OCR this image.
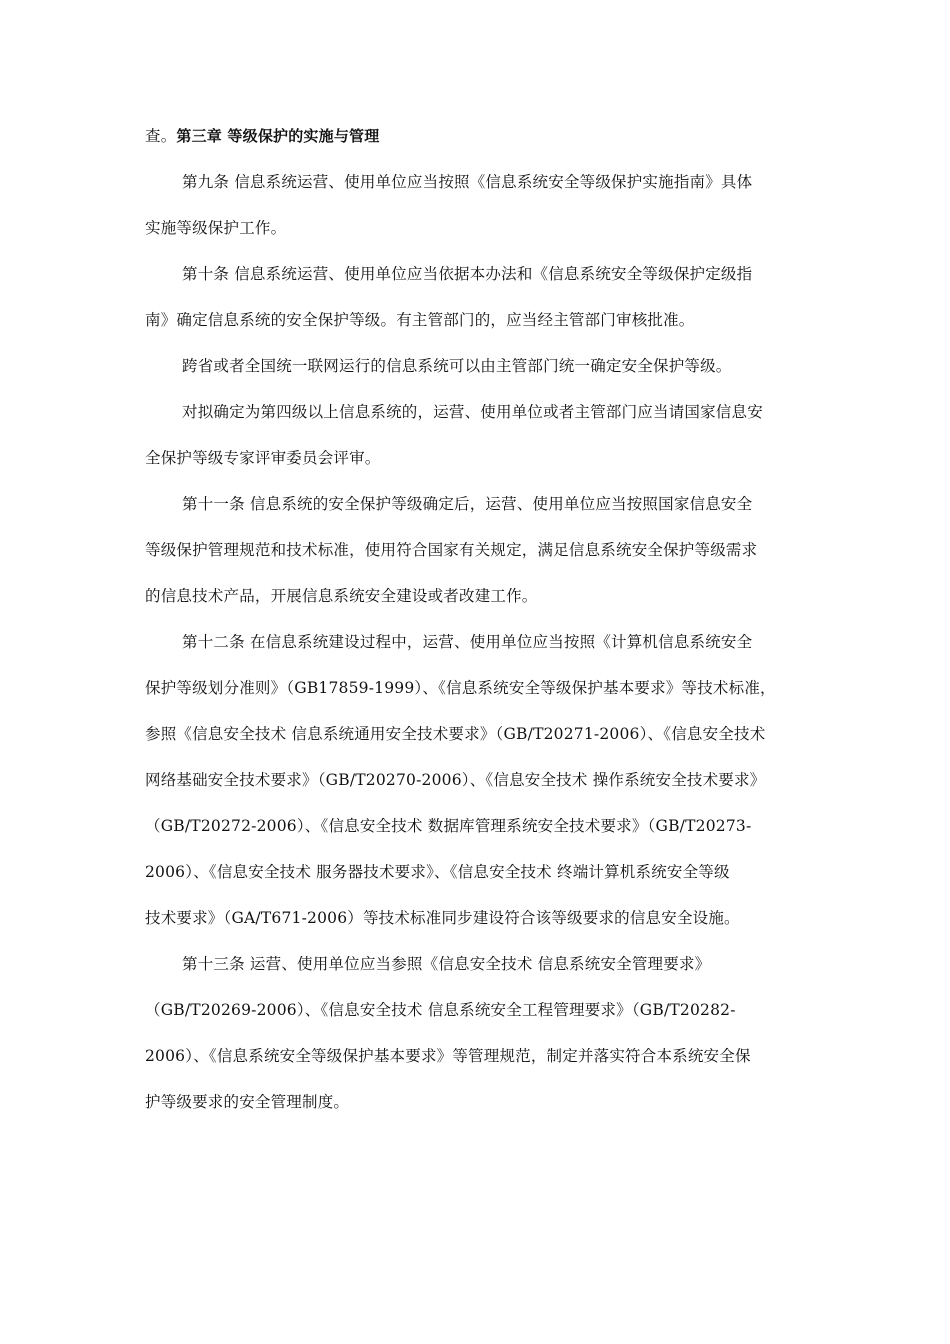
查。第三章 等级保护的实施与管理
第九条 信息系统运营、使用单位应当按照《信息系统安全等级保护实施指南》具体
实施等级保护工作。
第十条 信息系统运营、使用单位应当依据本办法和《信息系统安全等级保护定级指
南》确定信息系统的安全保护等级。有主管部门的，应当经主管部门审核批准。
跨省或者全国统一联网运行的信息系统可以由主管部门统一确定安全保护等级。
对拟确定为第四级以上信息系统的，运营、使用单位或者主管部门应当请国家信息安
全保护等级专家评审委员会评审。
第十一条 信息系统的安全保护等级确定后，运营、使用单位应当按照国家信息安全
等级保护管理规范和技术标准，使用符合国家有关规定，满足信息系统安全保护等级需求
的信息技术产品，开展信息系统安全建设或者改建工作。
第十二条 在信息系统建设过程中，运营、使用单位应当按照《计算机信息系统安全
保护等级划分准则》（GB17859-1999）、《信息系统安全等级保护基本要求》等技术标准，
参照《信息安全技术 信息系统通用安全技术要求》（GB/T20271-2006）、《信息安全技术
网络基础安全技术要求》（GB/T20270-2006）、《信息安全技术 操作系统安全技术要求》
（GB/T20272-2006）、《信息安全技术 数据库管理系统安全技术要求》（GB/T20273-
2006）、《信息安全技术 服务器技术要求》、《信息安全技术 终端计算机系统安全等级
技术要求》（GA/T671-2006）等技术标准同步建设符合该等级要求的信息安全设施。
第十三条 运营、使用单位应当参照《信息安全技术 信息系统安全管理要求》
（GB/T20269-2006）、《信息安全技术 信息系统安全工程管理要求》（GB/T20282-
2006）、《信息系统安全等级保护基本要求》等管理规范，制定并落实符合本系统安全保
护等级要求的安全管理制度。
